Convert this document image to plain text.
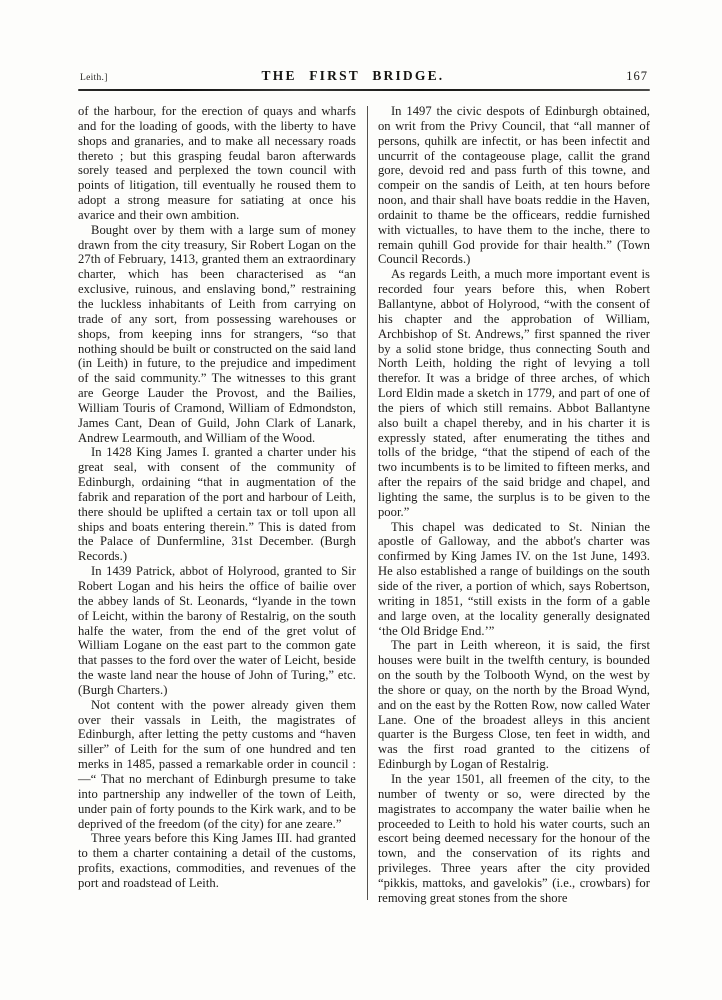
Leith.]	THE FIRST BRIDGE.	167

of the harbour, for the erection of quays and wharfs and for the loading of goods, with the liberty to have shops and granaries, and to make all necessary roads thereto ; but this grasping feudal baron afterwards sorely teased and perplexed the town council with points of litigation, till eventually he roused them to adopt a strong measure for satiating at once his avarice and their own ambition.

Bought over by them with a large sum of money drawn from the city treasury, Sir Robert Logan on the 27th of February, 1413, granted them an extraordinary charter, which has been characterised as “an exclusive, ruinous, and enslaving bond,” restraining the luckless inhabitants of Leith from carrying on trade of any sort, from possessing warehouses or shops, from keeping inns for strangers, “so that nothing should be built or constructed on the said land (in Leith) in future, to the prejudice and impediment of the said community.” The witnesses to this grant are George Lauder the Provost, and the Bailies, William Touris of Cramond, William of Edmondston, James Cant, Dean of Guild, John Clark of Lanark, Andrew Learmouth, and William of the Wood.

In 1428 King James I. granted a charter under his great seal, with consent of the community of Edinburgh, ordaining “that in augmentation of the fabrik and reparation of the port and harbour of Leith, there should be uplifted a certain tax or toll upon all ships and boats entering therein.” This is dated from the Palace of Dunfermline, 31st December. (Burgh Records.)

In 1439 Patrick, abbot of Holyrood, granted to Sir Robert Logan and his heirs the office of bailie over the abbey lands of St. Leonards, “lyande in the town of Leicht, within the barony of Restalrig, on the south halfe the water, from the end of the gret volut of William Logane on the east part to the common gate that passes to the ford over the water of Leicht, beside the waste land near the house of John of Turing,” etc. (Burgh Charters.)

Not content with the power already given them over their vassals in Leith, the magistrates of Edinburgh, after letting the petty customs and “haven siller” of Leith for the sum of one hundred and ten merks in 1485, passed a remarkable order in council :—“ That no merchant of Edinburgh presume to take into partnership any indweller of the town of Leith, under pain of forty pounds to the Kirk wark, and to be deprived of the freedom (of the city) for ane zeare.”

Three years before this King James III. had granted to them a charter containing a detail of the customs, profits, exactions, commodities, and revenues of the port and roadstead of Leith.

In 1497 the civic despots of Edinburgh obtained, on writ from the Privy Council, that “all manner of persons, quhilk are infectit, or has been infectit and uncurrit of the contageouse plage, callit the grand gore, devoid red and pass furth of this towne, and compeir on the sandis of Leith, at ten hours before noon, and thair shall have boats reddie in the Haven, ordainit to thame be the officears, reddie furnished with victualles, to have them to the inche, there to remain quhill God provide for thair health.” (Town Council Records.)

As regards Leith, a much more important event is recorded four years before this, when Robert Ballantyne, abbot of Holyrood, “with the consent of his chapter and the approbation of William, Archbishop of St. Andrews,” first spanned the river by a solid stone bridge, thus connecting South and North Leith, holding the right of levying a toll therefor. It was a bridge of three arches, of which Lord Eldin made a sketch in 1779, and part of one of the piers of which still remains. Abbot Ballantyne also built a chapel thereby, and in his charter it is expressly stated, after enumerating the tithes and tolls of the bridge, “that the stipend of each of the two incumbents is to be limited to fifteen merks, and after the repairs of the said bridge and chapel, and lighting the same, the surplus is to be given to the poor.”

This chapel was dedicated to St. Ninian the apostle of Galloway, and the abbot's charter was confirmed by King James IV. on the 1st June, 1493. He also established a range of buildings on the south side of the river, a portion of which, says Robertson, writing in 1851, “still exists in the form of a gable and large oven, at the locality generally designated ‘the Old Bridge End.’”

The part in Leith whereon, it is said, the first houses were built in the twelfth century, is bounded on the south by the Tolbooth Wynd, on the west by the shore or quay, on the north by the Broad Wynd, and on the east by the Rotten Row, now called Water Lane. One of the broadest alleys in this ancient quarter is the Burgess Close, ten feet in width, and was the first road granted to the citizens of Edinburgh by Logan of Restalrig.

In the year 1501, all freemen of the city, to the number of twenty or so, were directed by the magistrates to accompany the water bailie when he proceeded to Leith to hold his water courts, such an escort being deemed necessary for the honour of the town, and the conservation of its rights and privileges. Three years after the city provided “pikkis, mattoks, and gavelokis” (i.e., crowbars) for removing great stones from the shore
